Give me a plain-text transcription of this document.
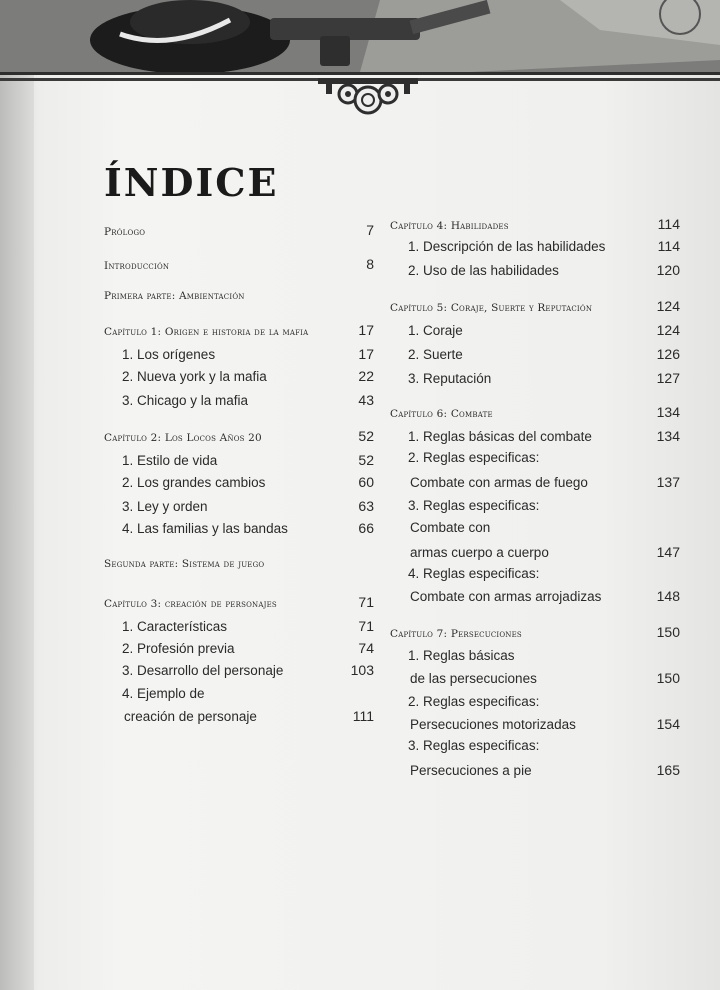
ÍNDICE
Prólogo	7
Introducción	8
Primera parte: Ambientación
Capítulo 1: Origen e historia de la mafia	17
1. Los orígenes	17
2. Nueva york y la mafia	22
3. Chicago y la mafia	43
Capítulo 2: Los Locos Años 20	52
1. Estilo de vida	52
2. Los grandes cambios	60
3. Ley y orden	63
4. Las familias y las bandas	66
Segunda parte: Sistema de juego
Capítulo 3: creación de personajes	71
1. Características	71
2. Profesión previa	74
3. Desarrollo del personaje	103
4. Ejemplo de
creación de personaje	111
Capítulo 4: Habilidades	114
1. Descripción de las habilidades	114
2. Uso de las habilidades	120
Capítulo 5: Coraje, Suerte y Reputación	124
1. Coraje	124
2. Suerte	126
3. Reputación	127
Capítulo 6: Combate	134
1. Reglas básicas del combate	134
2. Reglas especificas:
Combate con armas de fuego	137
3. Reglas especificas:
Combate con
armas cuerpo a cuerpo	147
4. Reglas especificas:
Combate con armas arrojadizas	148
Capítulo 7: Persecuciones	150
1. Reglas básicas
de las persecuciones	150
2. Reglas especificas:
Persecuciones motorizadas	154
3. Reglas especificas:
Persecuciones a pie	165
